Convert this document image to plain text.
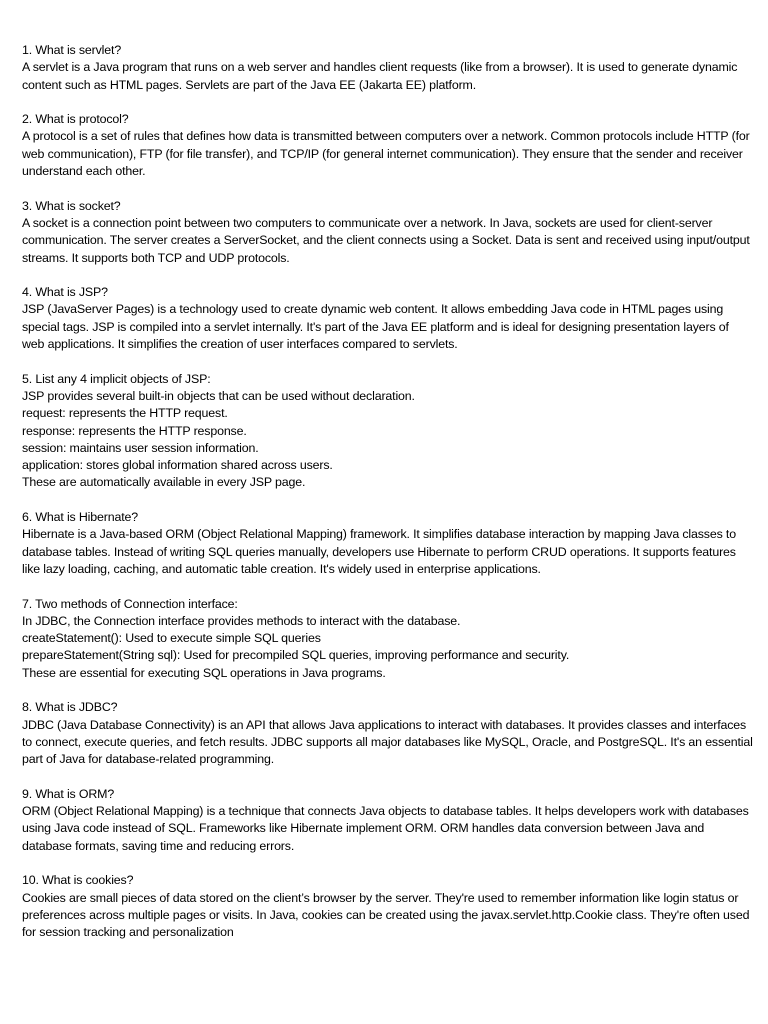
1. What is servlet?
A servlet is a Java program that runs on a web server and handles client requests (like from a browser). It is used to generate dynamic content such as HTML pages. Servlets are part of the Java EE (Jakarta EE) platform.
2. What is protocol?
A protocol is a set of rules that defines how data is transmitted between computers over a network. Common protocols include HTTP (for web communication), FTP (for file transfer), and TCP/IP (for general internet communication). They ensure that the sender and receiver understand each other.
3. What is socket?
A socket is a connection point between two computers to communicate over a network. In Java, sockets are used for client-server communication. The server creates a ServerSocket, and the client connects using a Socket. Data is sent and received using input/output streams. It supports both TCP and UDP protocols.
4. What is JSP?
JSP (JavaServer Pages) is a technology used to create dynamic web content. It allows embedding Java code in HTML pages using special tags. JSP is compiled into a servlet internally. It's part of the Java EE platform and is ideal for designing presentation layers of web applications. It simplifies the creation of user interfaces compared to servlets.
5. List any 4 implicit objects of JSP:
JSP provides several built-in objects that can be used without declaration.
request: represents the HTTP request.
response: represents the HTTP response.
session: maintains user session information.
application: stores global information shared across users.
These are automatically available in every JSP page.
6. What is Hibernate?
Hibernate is a Java-based ORM (Object Relational Mapping) framework. It simplifies database interaction by mapping Java classes to database tables. Instead of writing SQL queries manually, developers use Hibernate to perform CRUD operations. It supports features like lazy loading, caching, and automatic table creation. It's widely used in enterprise applications.
7. Two methods of Connection interface:
In JDBC, the Connection interface provides methods to interact with the database.
createStatement(): Used to execute simple SQL queries
prepareStatement(String sql): Used for precompiled SQL queries, improving performance and security.
These are essential for executing SQL operations in Java programs.
8. What is JDBC?
JDBC (Java Database Connectivity) is an API that allows Java applications to interact with databases. It provides classes and interfaces to connect, execute queries, and fetch results. JDBC supports all major databases like MySQL, Oracle, and PostgreSQL. It's an essential part of Java for database-related programming.
9. What is ORM?
ORM (Object Relational Mapping) is a technique that connects Java objects to database tables. It helps developers work with databases using Java code instead of SQL. Frameworks like Hibernate implement ORM. ORM handles data conversion between Java and database formats, saving time and reducing errors.
10. What is cookies?
Cookies are small pieces of data stored on the client’s browser by the server. They're used to remember information like login status or preferences across multiple pages or visits. In Java, cookies can be created using the javax.servlet.http.Cookie class. They're often used for session tracking and personalization
